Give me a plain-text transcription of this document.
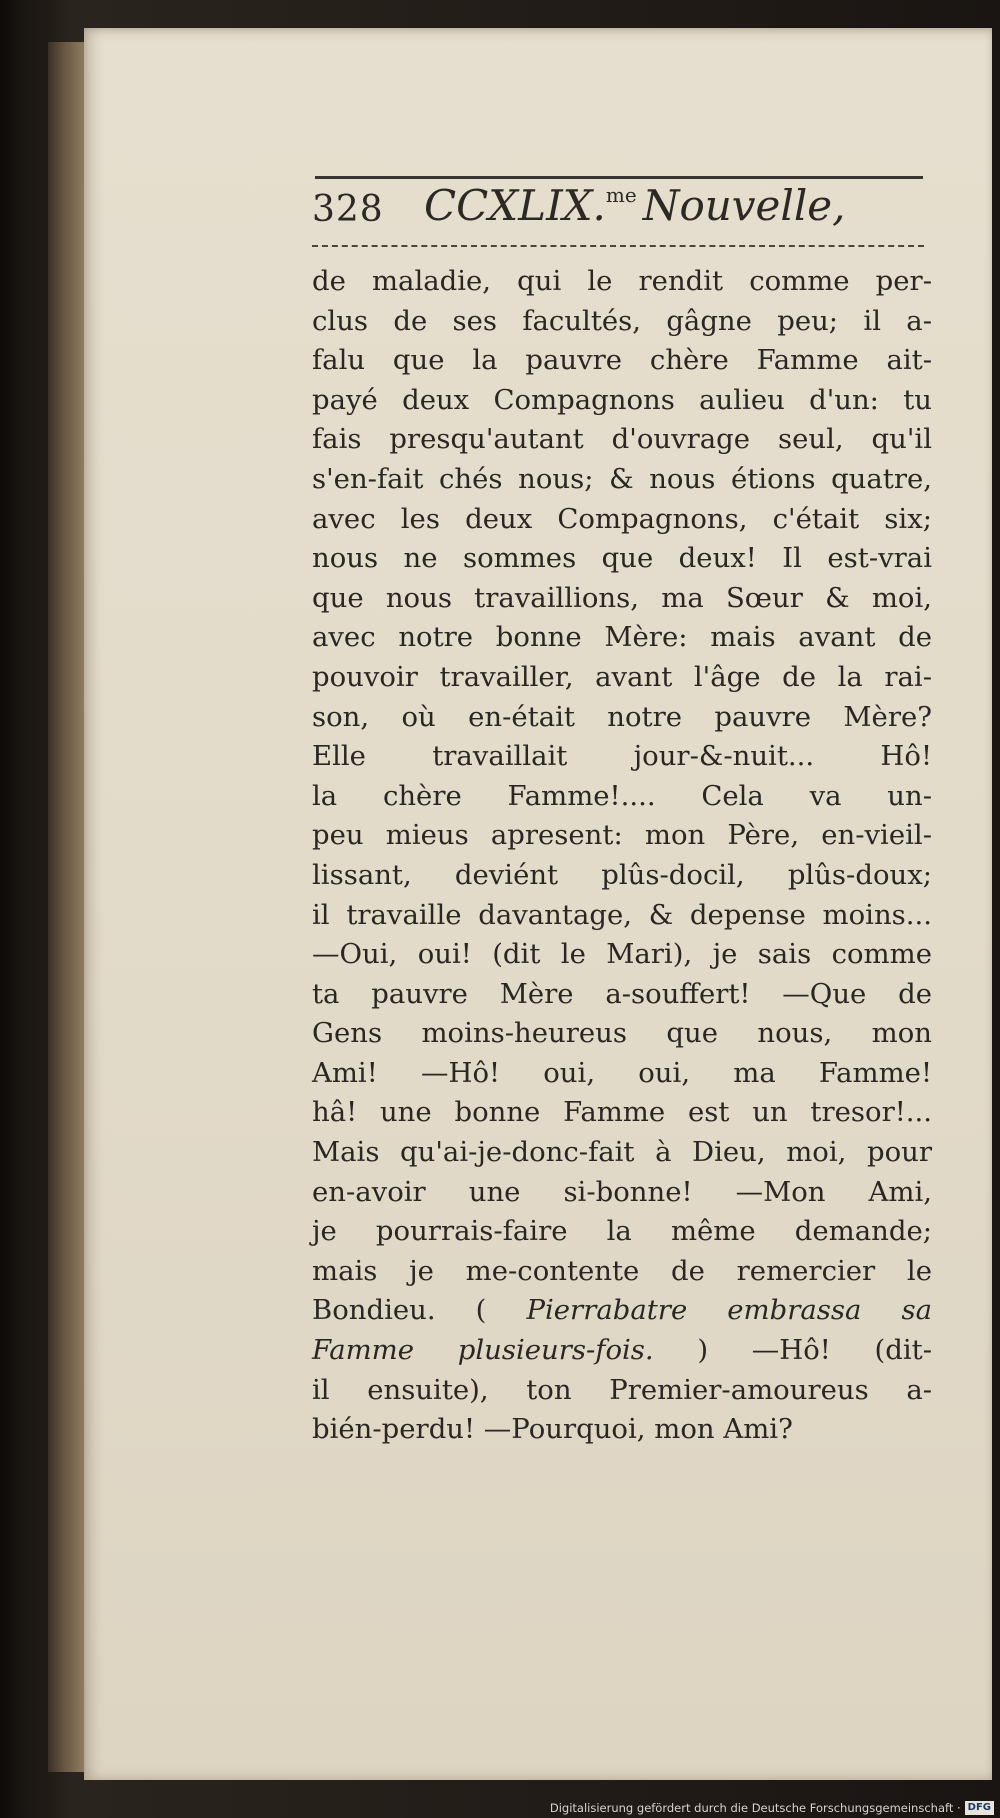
328 CCXLIX.$^{me}$ Nouvelle,
de maladie, qui le rendit comme per-
clus de ses facultés, gâgne peu; il a-
falu que la pauvre chère Famme ait-
payé deux Compagnons aulieu d'un: tu
fais presqu'autant d'ouvrage seul, qu'il
s'en-fait chés nous; & nous étions quatre,
avec les deux Compagnons, c'était six;
nous ne sommes que deux! Il est-vrai
que nous travaillions, ma Sœur & moi,
avec notre bonne Mère: mais avant de
pouvoir travailler, avant l'âge de la rai-
son, où en-était notre pauvre Mère?
Elle travaillait jour-&-nuit... Hô!
la chère Famme!.... Cela va un-
peu mieus apresent: mon Père, en-vieil-
lissant, deviént plûs-docil, plûs-doux;
il travaille davantage, & depense moins...
—Oui, oui! (dit le Mari), je sais comme
ta pauvre Mère a-souffert! —Que de
Gens moins-heureus que nous, mon
Ami! —Hô! oui, oui, ma Famme!
hâ! une bonne Famme est un tresor!...
Mais qu'ai-je-donc-fait à Dieu, moi, pour
en-avoir une si-bonne! —Mon Ami,
je pourrais-faire la même demande;
mais je me-contente de remercier le
Bondieu. ( Pierrabatre embrassa sa
Famme plusieurs-fois. ) —Hô! (dit-
il ensuite), ton Premier-amoureus a-
bién-perdu! —Pourquoi, mon Ami?
Digitalisierung gefördert durch die Deutsche Forschungsgemeinschaft · DFG
